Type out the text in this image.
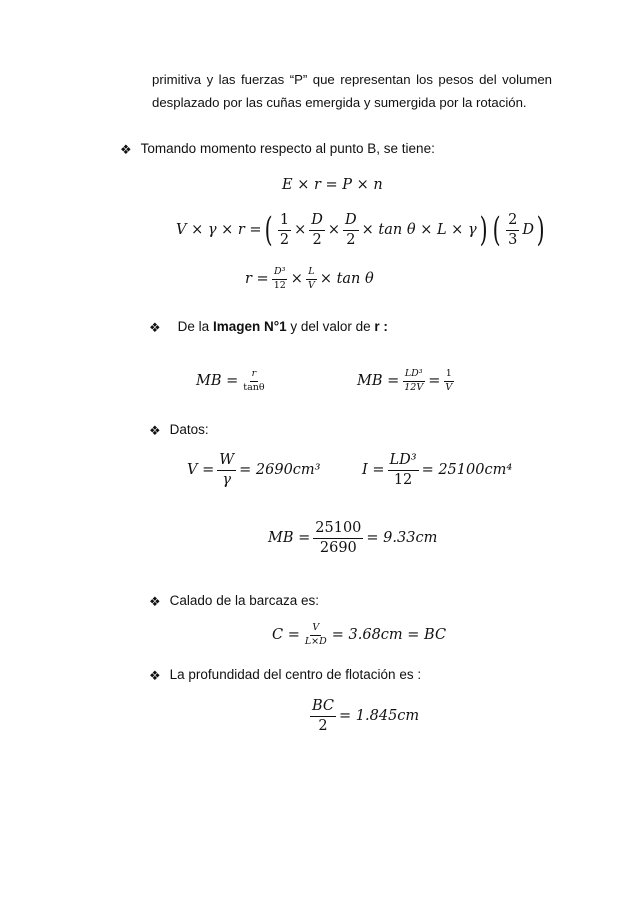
primitiva y las fuerzas “P” que representan los pesos del volumen
desplazado por las cuñas emergida y sumergida por la rotación.
❖ Tomando momento respecto al punto B, se tiene:
E × r = P × n
V × γ × r = ( $\frac{1}{2} \times \frac{D}{2} \times \frac{D}{2} \times \tan \theta \times L \times \gamma$ ) ( $\frac{2}{3}$ D )
$r = \frac{\text{D³}}{12} \times \frac{L}{V} \times \tan \theta$
❖ De la Imagen N°1 y del valor de r :
MB = $\frac{r}{\tan\theta}$	MB = $\frac{\text{LD³}}{12V} = \frac{1}{V}$
❖ Datos:
$V = \frac{W}{\gamma} = 2690cm^3$	$I = \frac{\text{LD³}}{12} = 25100cm^4$
MB = $\frac{25100}{2690} = 9.33cm$
❖ Calado de la barcaza es:
$C = \frac{V}{L\times D} = 3.68cm$ = BC
❖ La profundidad del centro de flotación es :
$\frac{BC}{2} = 1.845cm$
